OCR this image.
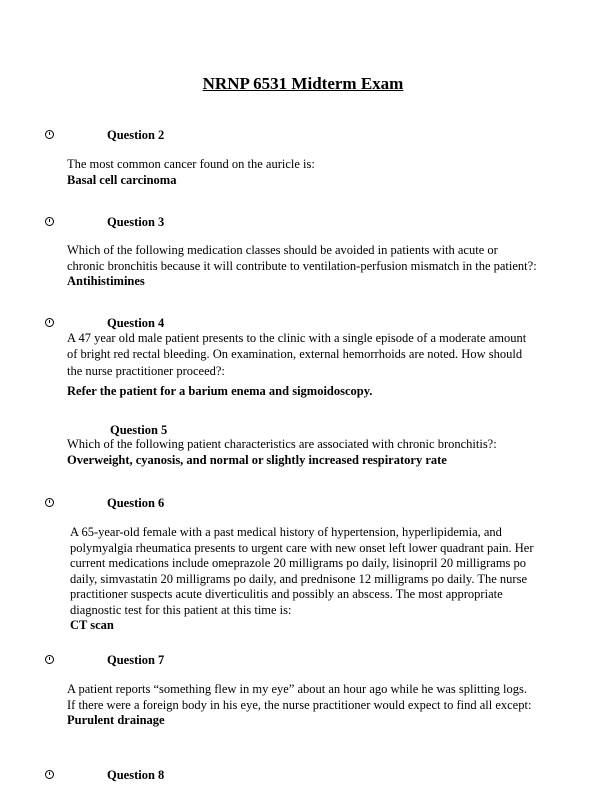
NRNP 6531 Midterm Exam
Question 2

The most common cancer found on the auricle is:

Basal cell carcinoma

Question 3

Which of the following medication classes should be avoided in patients with acute or chronic bronchitis because it will contribute to ventilation-perfusion mismatch in the patient?:

Antihistimines

Question 4

A 47 year old male patient presents to the clinic with a single episode of a moderate amount of bright red rectal bleeding. On examination, external hemorrhoids are noted. How should the nurse practitioner proceed?:

Refer the patient for a barium enema and sigmoidoscopy.

Question 5

Which of the following patient characteristics are associated with chronic bronchitis?:

Overweight, cyanosis, and normal or slightly increased respiratory rate

Question 6

A 65-year-old female with a past medical history of hypertension, hyperlipidemia, and polymyalgia rheumatica presents to urgent care with new onset left lower quadrant pain. Her current medications include omeprazole 20 milligrams po daily, lisinopril 20 milligrams po daily, simvastatin 20 milligrams po daily, and prednisone 12 milligrams po daily. The nurse practitioner suspects acute diverticulitis and possibly an abscess. The most appropriate diagnostic test for this patient at this time is:

CT scan

Question 7

A patient reports “something flew in my eye” about an hour ago while he was splitting logs. If there were a foreign body in his eye, the nurse practitioner would expect to find all except:

Purulent drainage

Question 8
